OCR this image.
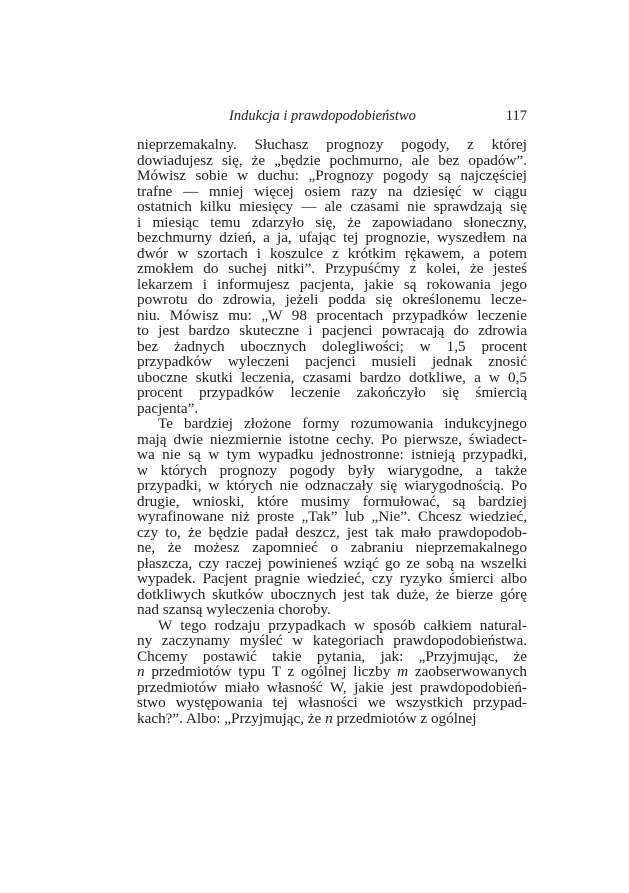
Indukcja i prawdopodobieństwo	117
nieprzemakalny. Słuchasz prognozy pogody, z której
dowiadujesz się, że „będzie pochmurno, ale bez opadów”.
Mówisz sobie w duchu: „Prognozy pogody są najczęściej
trafne — mniej więcej osiem razy na dziesięć w ciągu
ostatnich kilku miesięcy — ale czasami nie sprawdzają się
i miesiąc temu zdarzyło się, że zapowiadano słoneczny,
bezchmurny dzień, a ja, ufając tej prognozie, wyszedłem na
dwór w szortach i koszulce z krótkim rękawem, a potem
zmokłem do suchej nitki”. Przypuśćmy z kolei, że jesteś
lekarzem i informujesz pacjenta, jakie są rokowania jego
powrotu do zdrowia, jeżeli podda się określonemu lecze-
niu. Mówisz mu: „W 98 procentach przypadków leczenie
to jest bardzo skuteczne i pacjenci powracają do zdrowia
bez żadnych ubocznych dolegliwości; w 1,5 procent
przypadków wyleczeni pacjenci musieli jednak znosić
uboczne skutki leczenia, czasami bardzo dotkliwe, a w 0,5
procent przypadków leczenie zakończyło się śmiercią
pacjenta”.
Te bardziej złożone formy rozumowania indukcyjnego
mają dwie niezmiernie istotne cechy. Po pierwsze, świadect-
wa nie są w tym wypadku jednostronne: istnieją przypadki,
w których prognozy pogody były wiarygodne, a także
przypadki, w których nie odznaczały się wiarygodnością. Po
drugie, wnioski, które musimy formułować, są bardziej
wyrafinowane niż proste „Tak” lub „Nie”. Chcesz wiedzieć,
czy to, że będzie padał deszcz, jest tak mało prawdopodob-
ne, że możesz zapomnieć o zabraniu nieprzemakalnego
płaszcza, czy raczej powinieneś wziąć go ze sobą na wszelki
wypadek. Pacjent pragnie wiedzieć, czy ryzyko śmierci albo
dotkliwych skutków ubocznych jest tak duże, że bierze górę
nad szansą wyleczenia choroby.
W tego rodzaju przypadkach w sposób całkiem natural-
ny zaczynamy myśleć w kategoriach prawdopodobieństwa.
Chcemy postawić takie pytania, jak: „Przyjmując, że
n przedmiotów typu T z ogólnej liczby m zaobserwowanych
przedmiotów miało własność W, jakie jest prawdopodobień-
stwo występowania tej własności we wszystkich przypad-
kach?”. Albo: „Przyjmując, że n przedmiotów z ogólnej
